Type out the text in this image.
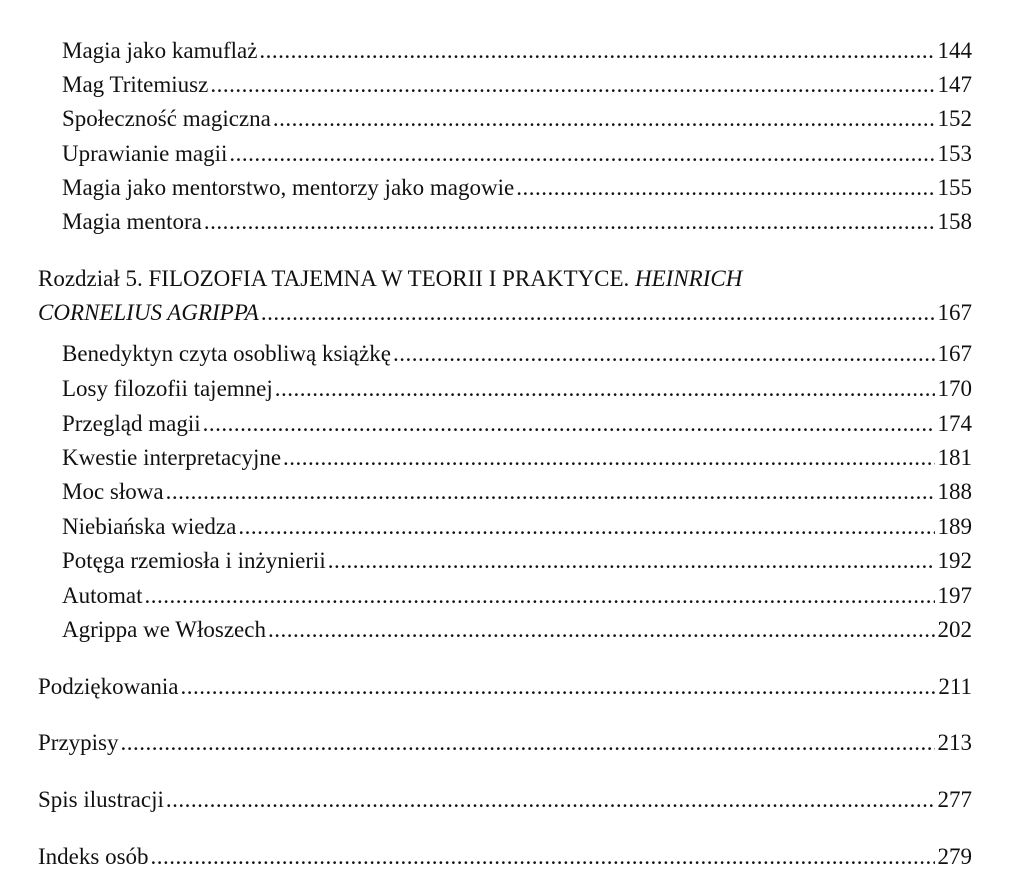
Magia jako kamuflaż .....	144
Mag Tritemiusz .....	147
Społeczność magiczna .....	152
Uprawianie magii .....	153
Magia jako mentorstwo, mentorzy jako magowie .....	155
Magia mentora .....	158
Rozdział 5. FILOZOFIA TAJEMNA W TEORII I PRAKTYCE. HEINRICH
CORNELIUS AGRIPPA .....	167
Benedyktyn czyta osobliwą książkę .....	167
Losy filozofii tajemnej .....	170
Przegląd magii .....	174
Kwestie interpretacyjne .....	181
Moc słowa .....	188
Niebiańska wiedza .....	189
Potęga rzemiosła i inżynierii .....	192
Automat .....	197
Agrippa we Włoszech .....	202
Podziękowania .....	211
Przypisy .....	213
Spis ilustracji .....	277
Indeks osób .....	279
